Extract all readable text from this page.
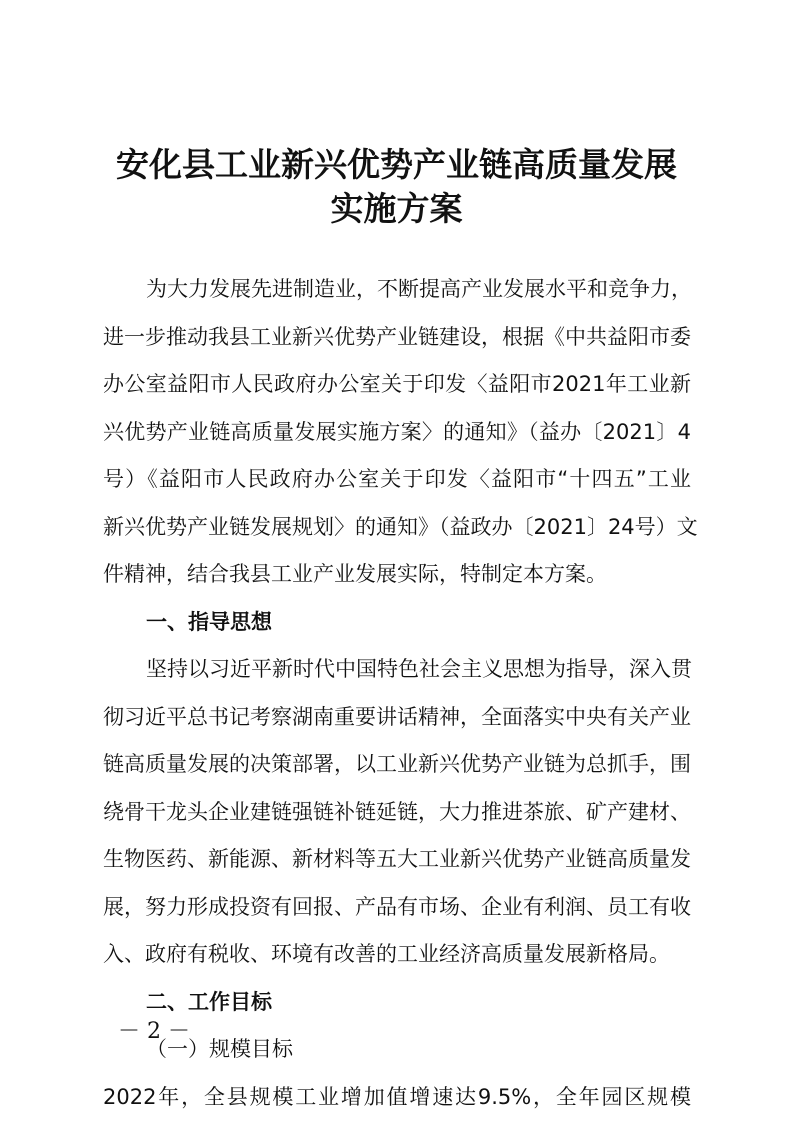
安化县工业新兴优势产业链高质量发展
实施方案
为大力发展先进制造业，不断提高产业发展水平和竞争力，
进一步推动我县工业新兴优势产业链建设，根据《中共益阳市委
办公室益阳市人民政府办公室关于印发〈益阳市2021年工业新
兴优势产业链高质量发展实施方案〉的通知》（益办〔2021〕4
号）《益阳市人民政府办公室关于印发〈益阳市“十四五”工业
新兴优势产业链发展规划〉的通知》（益政办〔2021〕24号）文
件精神，结合我县工业产业发展实际，特制定本方案。
一、指导思想
坚持以习近平新时代中国特色社会主义思想为指导，深入贯
彻习近平总书记考察湖南重要讲话精神，全面落实中央有关产业
链高质量发展的决策部署，以工业新兴优势产业链为总抓手，围
绕骨干龙头企业建链强链补链延链，大力推进茶旅、矿产建材、
生物医药、新能源、新材料等五大工业新兴优势产业链高质量发
展，努力形成投资有回报、产品有市场、企业有利润、员工有收
入、政府有税收、环境有改善的工业经济高质量发展新格局。
二、工作目标
（一）规模目标
－ 2 －
2022年，全县规模工业增加值增速达9.5%，全年园区规模
